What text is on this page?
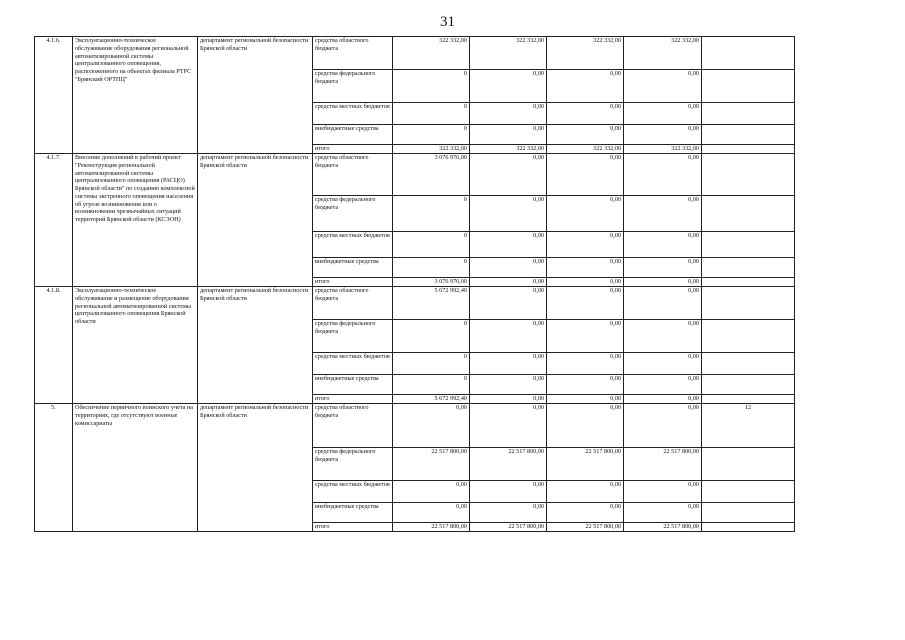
31
4.1.6.	Эксплуатационно-техническое обслуживание оборудования региональной автоматизированной системы централизованного оповещения, расположенного на объектах филиала РТРС "Брянский ОРТПЦ"	департамент региональной безопасности Брянской области	средства областного бюджета	322 332,00	322 332,00	322 332,00	322 332,00	
			средства федерального бюджета	0	0,00	0,00	0,00	
			средства местных бюджетов	0	0,00	0,00	0,00	
			внебюджетные средства	0	0,00	0,00	0,00	
			итого	322 332,00	322 332,00	322 332,00	322 332,00	
4.1.7.	Внесение дополнений в рабочий проект "Реконструкция региональной автоматизированной системы централизованного оповещения (РАСЦО) Брянской области" по созданию комплексной системы экстренного оповещения населения об угрозе возникновения или о возникновении чрезвычайных ситуаций территорий Брянской области (КСЭОН)	департамент региональной безопасности Брянской области	средства областного бюджета	3 076 976,00	0,00	0,00	0,00	
			средства федерального бюджета	0	0,00	0,00	0,00	
			средства местных бюджетов	0	0,00	0,00	0,00	
			внебюджетные средства	0	0,00	0,00	0,00	
			итого	3 076 976,00	0,00	0,00	0,00	
4.1.8.	Эксплуатационно-техническое обслуживание и размещение оборудования региональной автоматизированной системы централизованного оповещения Брянской области	департамент региональной безопасности Брянской области	средства областного бюджета	5 672 992,40	0,00	0,00	0,00	
			средства федерального бюджета	0	0,00	0,00	0,00	
			средства местных бюджетов	0	0,00	0,00	0,00	
			внебюджетные средства	0	0,00	0,00	0,00	
			итого	5 672 992,40	0,00	0,00	0,00	
5.	Обеспечение первичного воинского учета на территориях, где отсутствуют военные комиссариаты	департамент региональной безопасности Брянской области	средства областного бюджета	0,00	0,00	0,00	0,00	12
			средства федерального бюджета	22 517 800,00	22 517 800,00	22 517 800,00	22 517 800,00	
			средства местных бюджетов	0,00	0,00	0,00	0,00	
			внебюджетные средства	0,00	0,00	0,00	0,00	
			итого	22 517 800,00	22 517 800,00	22 517 800,00	22 517 800,00	
